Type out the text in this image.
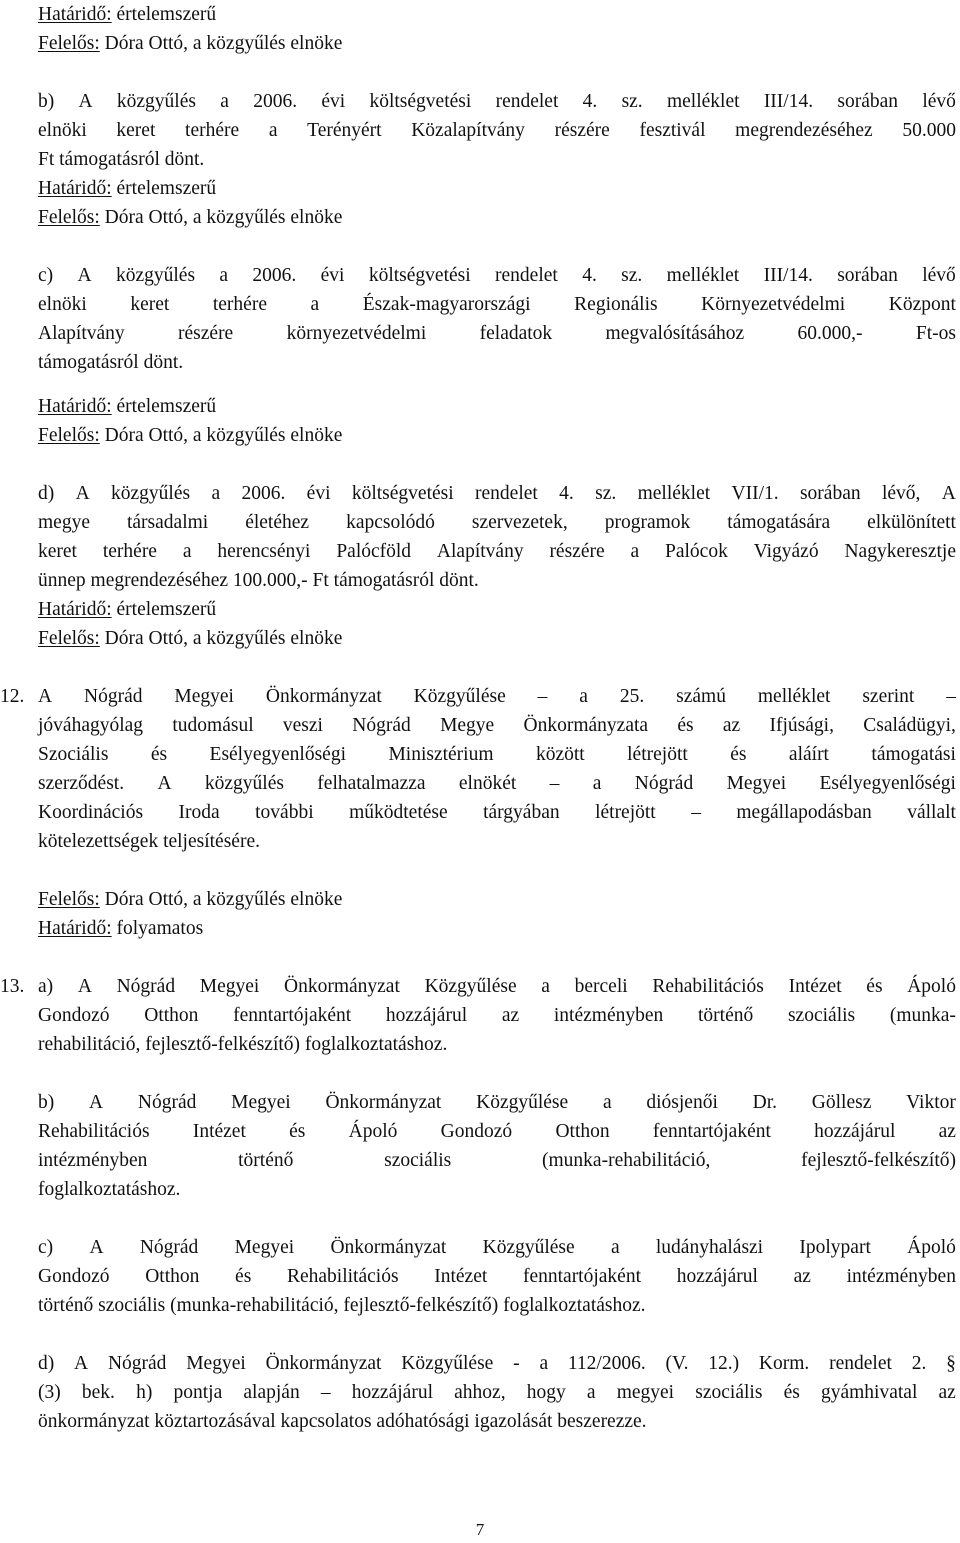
Határidő: értelemszerű
Felelős: Dóra Ottó, a közgyűlés elnöke
b) A közgyűlés a 2006. évi költségvetési rendelet 4. sz. melléklet III/14. sorában lévő
elnöki keret terhére a Terényért Közalapítvány részére fesztivál megrendezéséhez 50.000
Ft támogatásról dönt.
Határidő: értelemszerű
Felelős: Dóra Ottó, a közgyűlés elnöke
c) A közgyűlés a 2006. évi költségvetési rendelet 4. sz. melléklet III/14. sorában lévő
elnöki keret terhére a Észak-magyarországi Regionális Környezetvédelmi Központ
Alapítvány	részére	környezetvédelmi	feladatok	megvalósításához	60.000,-	Ft-os
támogatásról dönt.
Határidő: értelemszerű
Felelős: Dóra Ottó, a közgyűlés elnöke
d) A közgyűlés a 2006. évi költségvetési rendelet 4. sz. melléklet VII/1. sorában lévő, A
megye társadalmi életéhez kapcsolódó szervezetek, programok támogatására elkülönített
keret terhére a herencsényi Palócföld Alapítvány részére a Palócok Vigyázó Nagykeresztje
ünnep megrendezéséhez 100.000,- Ft támogatásról dönt.
Határidő: értelemszerű
Felelős: Dóra Ottó, a közgyűlés elnöke
12. A Nógrád Megyei Önkormányzat Közgyűlése – a 25. számú melléklet szerint –
jóváhagyólag tudomásul veszi Nógrád Megye Önkormányzata és az Ifjúsági, Családügyi,
Szociális és Esélyegyenlőségi Minisztérium között létrejött és aláírt támogatási
szerződést. A közgyűlés felhatalmazza elnökét – a Nógrád Megyei Esélyegyenlőségi
Koordinációs Iroda további működtetése tárgyában létrejött – megállapodásban vállalt
kötelezettségek teljesítésére.
Felelős: Dóra Ottó, a közgyűlés elnöke
Határidő: folyamatos
13. a) A Nógrád Megyei Önkormányzat Közgyűlése a berceli Rehabilitációs Intézet és Ápoló
Gondozó Otthon fenntartójaként hozzájárul az intézményben történő szociális (munka-
rehabilitáció, fejlesztő-felkészítő) foglalkoztatáshoz.
b) A Nógrád Megyei Önkormányzat Közgyűlése a diósjenői Dr. Göllesz Viktor
Rehabilitációs Intézet és Ápoló Gondozó Otthon fenntartójaként hozzájárul az
intézményben	történő	szociális	(munka-rehabilitáció,	fejlesztő-felkészítő)
foglalkoztatáshoz.
c) A Nógrád Megyei Önkormányzat Közgyűlése a ludányhalászi Ipolypart Ápoló
Gondozó Otthon és Rehabilitációs Intézet fenntartójaként hozzájárul az intézményben
történő szociális (munka-rehabilitáció, fejlesztő-felkészítő) foglalkoztatáshoz.
d) A Nógrád Megyei Önkormányzat Közgyűlése - a 112/2006. (V. 12.) Korm. rendelet 2. §
(3) bek. h) pontja alapján – hozzájárul ahhoz, hogy a megyei szociális és gyámhivatal az
önkormányzat köztartozásával kapcsolatos adóhatósági igazolását beszerezze.
7
